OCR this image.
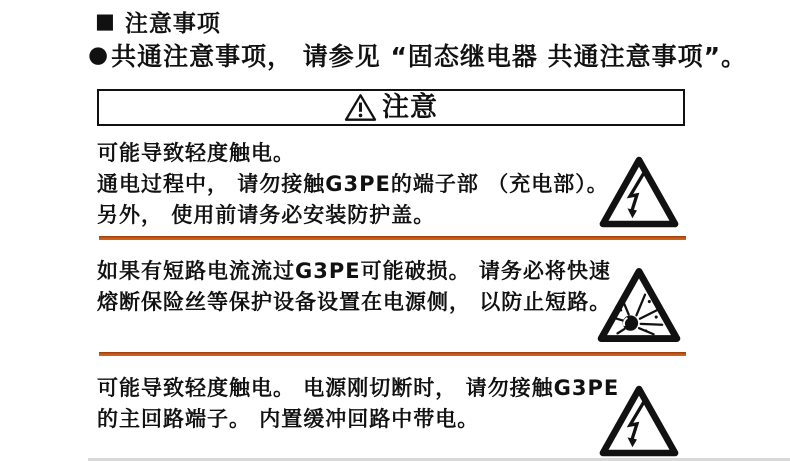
■ 注意事项
● 共通注意事项， 请参见 “固态继电器 共通注意事项”。
注意
可能导致轻度触电。
通电过程中， 请勿接触G3PE的端子部 （充电部）。
另外， 使用前请务必安装防护盖。
如果有短路电流流过G3PE可能破损。 请务必将快速
熔断保险丝等保护设备设置在电源侧， 以防止短路。
可能导致轻度触电。 电源刚切断时， 请勿接触G3PE
的主回路端子。 内置缓冲回路中带电。
